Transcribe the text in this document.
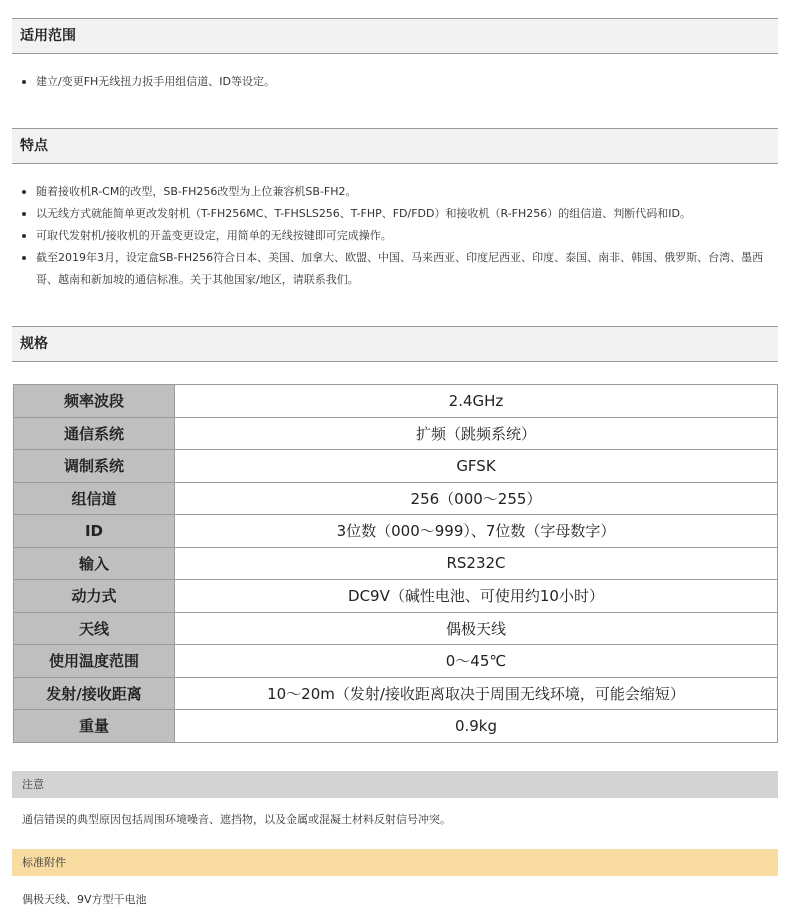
适用范围
建立/变更FH无线扭力扳手用组信道、ID等设定。
特点
随着接收机R-CM的改型，SB-FH256改型为上位兼容机SB-FH2。
以无线方式就能简单更改发射机（T-FH256MC、T-FHSLS256、T-FHP、FD/FDD）和接收机（R-FH256）的组信道、判断代码和ID。
可取代发射机/接收机的开盖变更设定，用简单的无线按键即可完成操作。
截至2019年3月，设定盒SB-FH256符合日本、美国、加拿大、欧盟、中国、马来西亚、印度尼西亚、印度、泰国、南非、韩国、俄罗斯、台湾、墨西哥、越南和新加坡的通信标准。关于其他国家/地区，请联系我们。
规格
频率波段	2.4GHz
通信系统	扩频（跳频系统）
调制系统	GFSK
组信道	256（000～255）
ID	3位数（000～999）、7位数（字母数字）
输入	RS232C
动力式	DC9V（碱性电池、可使用约10小时）
天线	偶极天线
使用温度范围	0～45℃
发射/接收距离	10～20m（发射/接收距离取决于周围无线环境，可能会缩短）
重量	0.9kg
注意
通信错误的典型原因包括周围环境噪音、遮挡物，以及金属或混凝土材料反射信号冲突。
标准附件
偶极天线、9V方型干电池
